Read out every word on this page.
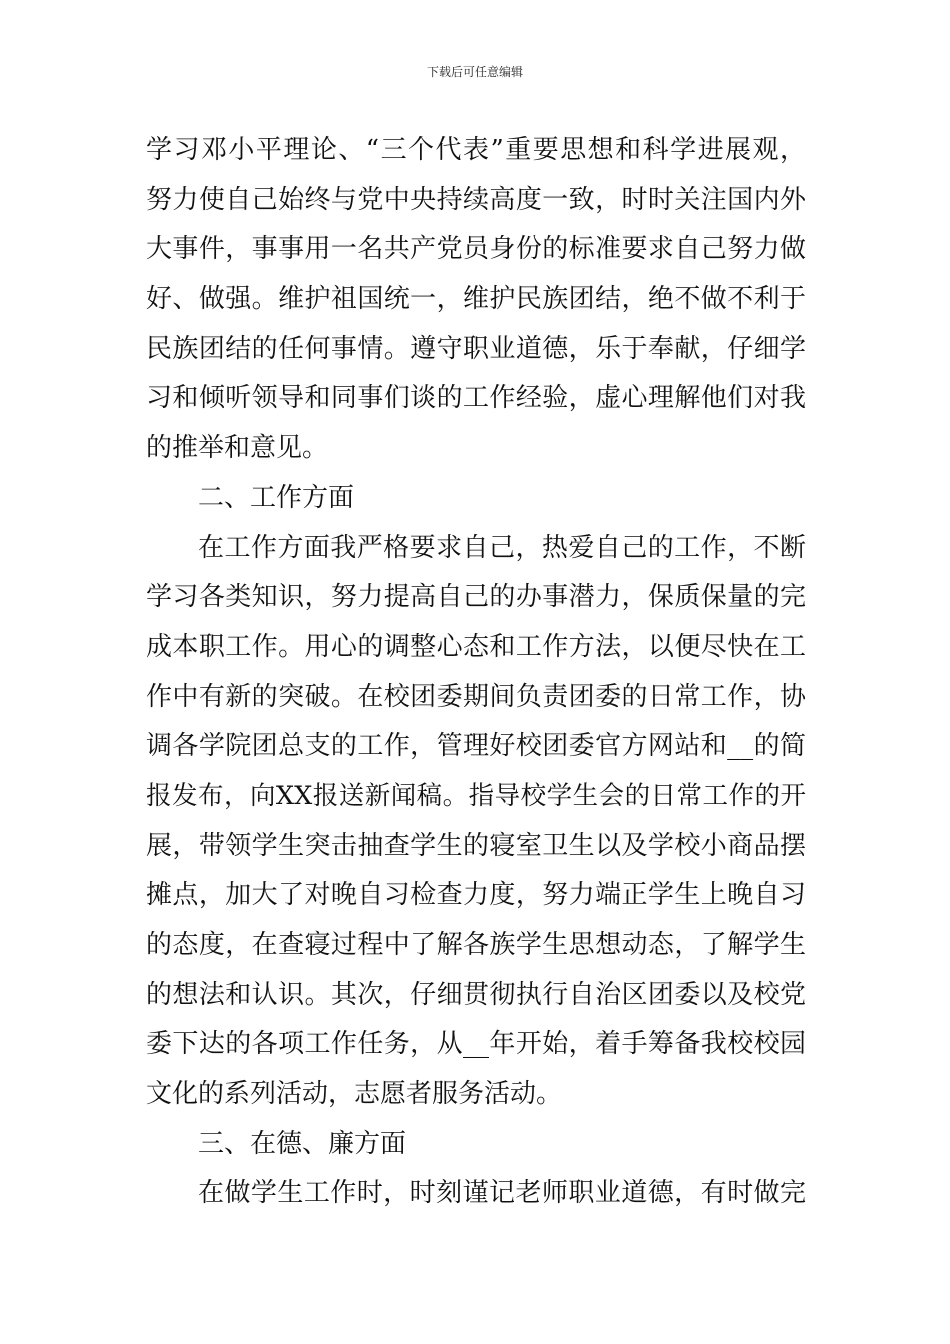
下载后可任意编辑
学习邓小平理论、“三个代表”重要思想和科学进展观，
努力使自己始终与党中央持续高度一致，时时关注国内外
大事件，事事用一名共产党员身份的标准要求自己努力做
好、做强。维护祖国统一，维护民族团结，绝不做不利于
民族团结的任何事情。遵守职业道德，乐于奉献，仔细学
习和倾听领导和同事们谈的工作经验，虚心理解他们对我
的推举和意见。
二、工作方面
在工作方面我严格要求自己，热爱自己的工作，不断
学习各类知识，努力提高自己的办事潜力，保质保量的完
成本职工作。用心的调整心态和工作方法，以便尽快在工
作中有新的突破。在校团委期间负责团委的日常工作，协
调各学院团总支的工作，管理好校团委官方网站和__的简
报发布，向XX报送新闻稿。指导校学生会的日常工作的开
展，带领学生突击抽查学生的寝室卫生以及学校小商品摆
摊点，加大了对晚自习检查力度，努力端正学生上晚自习
的态度，在查寝过程中了解各族学生思想动态，了解学生
的想法和认识。其次，仔细贯彻执行自治区团委以及校党
委下达的各项工作任务，从__年开始，着手筹备我校校园
文化的系列活动，志愿者服务活动。
三、在德、廉方面
在做学生工作时，时刻谨记老师职业道德，有时做完
